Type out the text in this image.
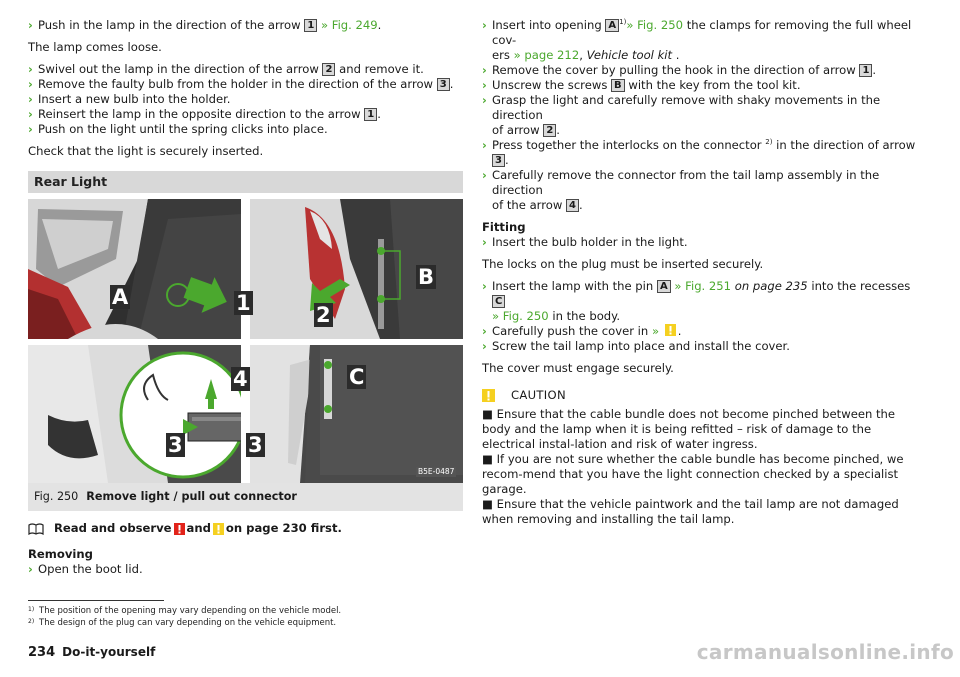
› Push in the lamp in the direction of the arrow 1 » Fig. 249.

The lamp comes loose.

› Swivel out the lamp in the direction of the arrow 2 and remove it.

› Remove the faulty bulb from the holder in the direction of the arrow 3 .

› Insert a new bulb into the holder.

› Reinsert the lamp in the opposite direction to the arrow 1 .

› Push on the light until the spring clicks into place.

Check that the light is securely inserted.

Rear Light
A	1	2
B
4	C
3	3
B5E-0487
Fig. 250 Remove light / pull out connector
Read and observe and on page 230 first.

Removing

› Open the boot lid.

› Insert into opening A $^{1)}$» Fig. 250 the clamps for removing the full wheel cov-
ers » page 212, Vehicle tool kit .

› Remove the cover by pulling the hook in the direction of arrow 1 .

› Unscrew the screws B with the key from the tool kit.

› Grasp the light and carefully remove with shaky movements in the direction
of arrow 2 .

› Press together the interlocks on the connector $^{2)}$ in the direction of arrow 3 .

› Carefully remove the connector from the tail lamp assembly in the direction
of the arrow 4 .

Fitting

› Insert the bulb holder in the light.

The locks on the plug must be inserted securely.

› Insert the lamp with the pin A » Fig. 251 on page 235 into the recesses C
» Fig. 250 in the body.

› Carefully push the cover in » .

› Screw the tail lamp into place and install the cover.

The cover must engage securely.

CAUTION

■ Ensure that the cable bundle does not become pinched between the body and the lamp when it is being refitted – risk of damage to the electrical instal-lation and risk of water ingress.

■ If you are not sure whether the cable bundle has become pinched, we recom-mend that you have the light connection checked by a specialist garage.

■ Ensure that the vehicle paintwork and the tail lamp are not damaged when removing and installing the tail lamp.

1) The position of the opening may vary depending on the vehicle model.
2) The design of the plug can vary depending on the vehicle equipment.
234 Do-it-yourself	carmanualsonline.info
